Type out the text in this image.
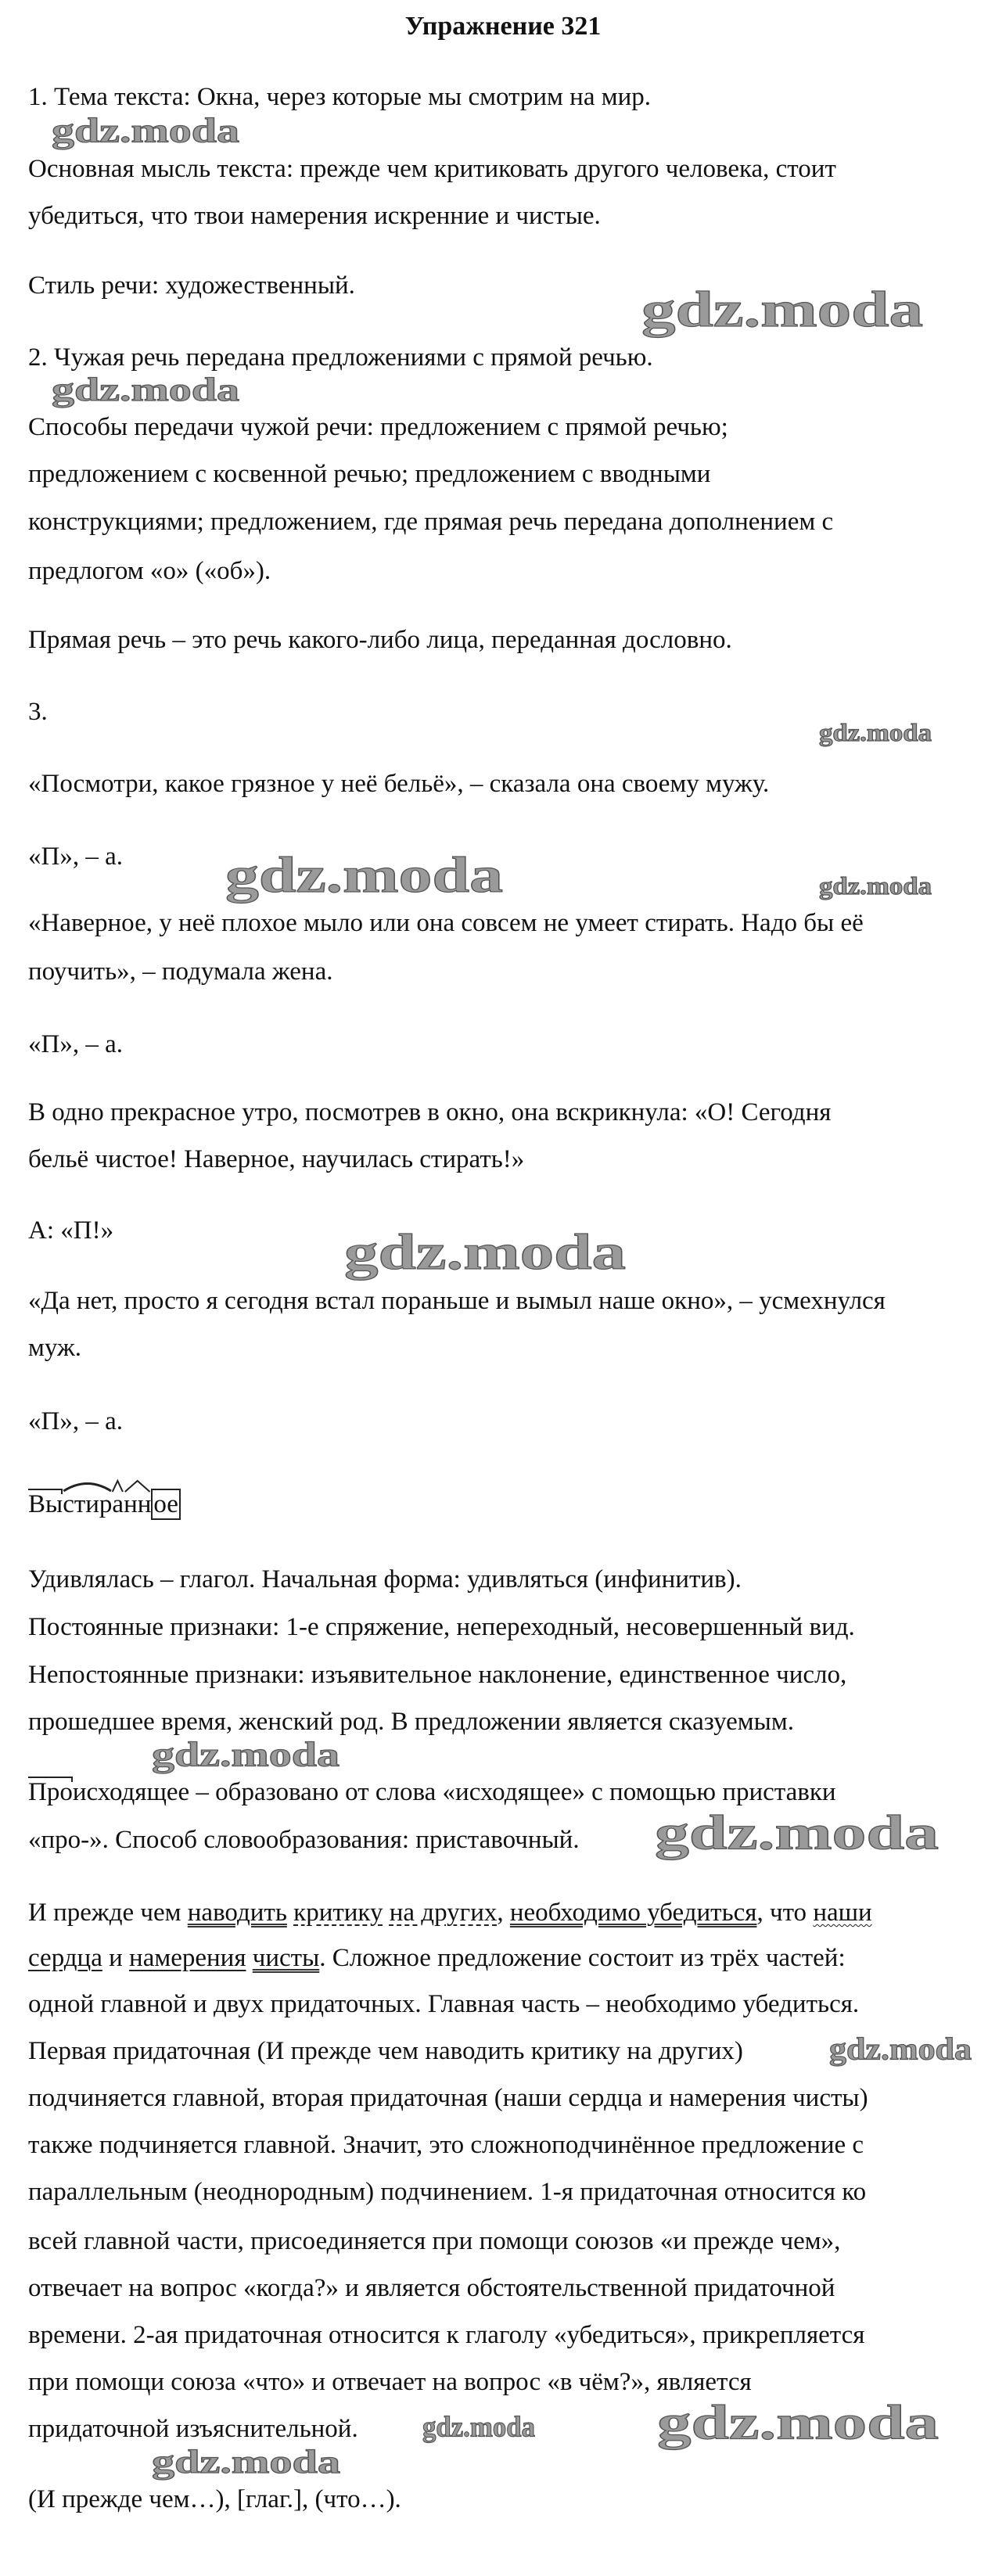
Упражнение 321
1. Тема текста: Окна, через которые мы смотрим на мир.
Основная мысль текста: прежде чем критиковать другого человека, стоит
убедиться, что твои намерения искренние и чистые.
Стиль речи: художественный.
2. Чужая речь передана предложениями с прямой речью.
Способы передачи чужой речи: предложением с прямой речью;
предложением с косвенной речью; предложением с вводными
конструкциями; предложением, где прямая речь передана дополнением с
предлогом «о» («об»).
Прямая речь – это речь какого-либо лица, переданная дословно.
3.
«Посмотри, какое грязное у неё бельё», – сказала она своему мужу.
«П», – а.
«Наверное, у неё плохое мыло или она совсем не умеет стирать. Надо бы её
поучить», – подумала жена.
«П», – а.
В одно прекрасное утро, посмотрев в окно, она вскрикнула: «О! Сегодня
бельё чистое! Наверное, научилась стирать!»
А: «П!»
«Да нет, просто я сегодня встал пораньше и вымыл наше окно», – усмехнулся
муж.
«П», – а.
Выстир
а
нн
ое
Удивлялась – глагол. Начальная форма: удивляться (инфинитив).
Постоянные признаки: 1-е спряжение, непереходный, несовершенный вид.
Непостоянные признаки: изъявительное наклонение, единственное число,
прошедшее время, женский род. В предложении является сказуемым.
Происходящее – образовано от слова «исходящее» с помощью приставки
«про-». Способ словообразования: приставочный.
И прежде чем наводить критику на других, необходимо убедиться, что наши
сердца и намерения чисты. Сложное предложение состоит из трёх частей:
одной главной и двух придаточных. Главная часть – необходимо убедиться.
Первая придаточная (И прежде чем наводить критику на других)
подчиняется главной, вторая придаточная (наши сердца и намерения чисты)
также подчиняется главной. Значит, это сложноподчинённое предложение с
параллельным (неоднородным) подчинением. 1-я придаточная относится ко
всей главной части, присоединяется при помощи союзов «и прежде чем»,
отвечает на вопрос «когда?» и является обстоятельственной придаточной
времени. 2-ая придаточная относится к глаголу «убедиться», прикрепляется
при помощи союза «что» и отвечает на вопрос «в чём?», является
придаточной изъяснительной.
(И прежде чем…), [глаг.], (что…).
gdz.moda
gdz.moda
gdz.moda
gdz.moda
gdz.moda	gdz.moda
gdz.moda
gdz.moda
gdz.moda
gdz.moda
gdz.moda gdz.moda
gdz.moda
